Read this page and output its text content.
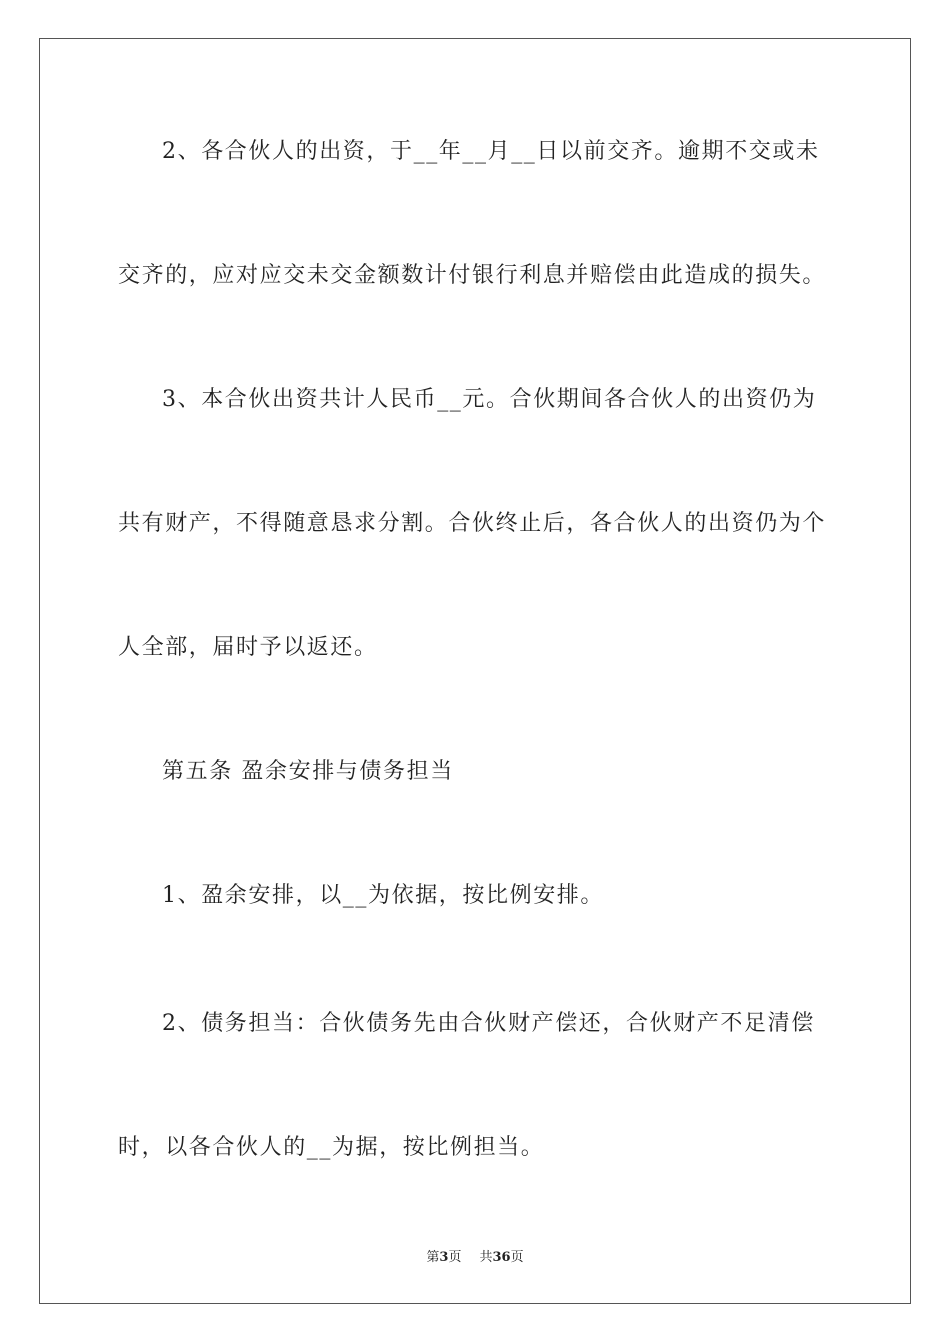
2、各合伙人的出资，于__年__月__日以前交齐。逾期不交或未
交齐的，应对应交未交金额数计付银行利息并赔偿由此造成的损失。
3、本合伙出资共计人民币__元。合伙期间各合伙人的出资仍为
共有财产，不得随意恳求分割。合伙终止后，各合伙人的出资仍为个
人全部，届时予以返还。
第五条 盈余安排与债务担当
1、盈余安排，以__为依据，按比例安排。
2、债务担当：合伙债务先由合伙财产偿还，合伙财产不足清偿
时，以各合伙人的__为据，按比例担当。
第3页 共36页
